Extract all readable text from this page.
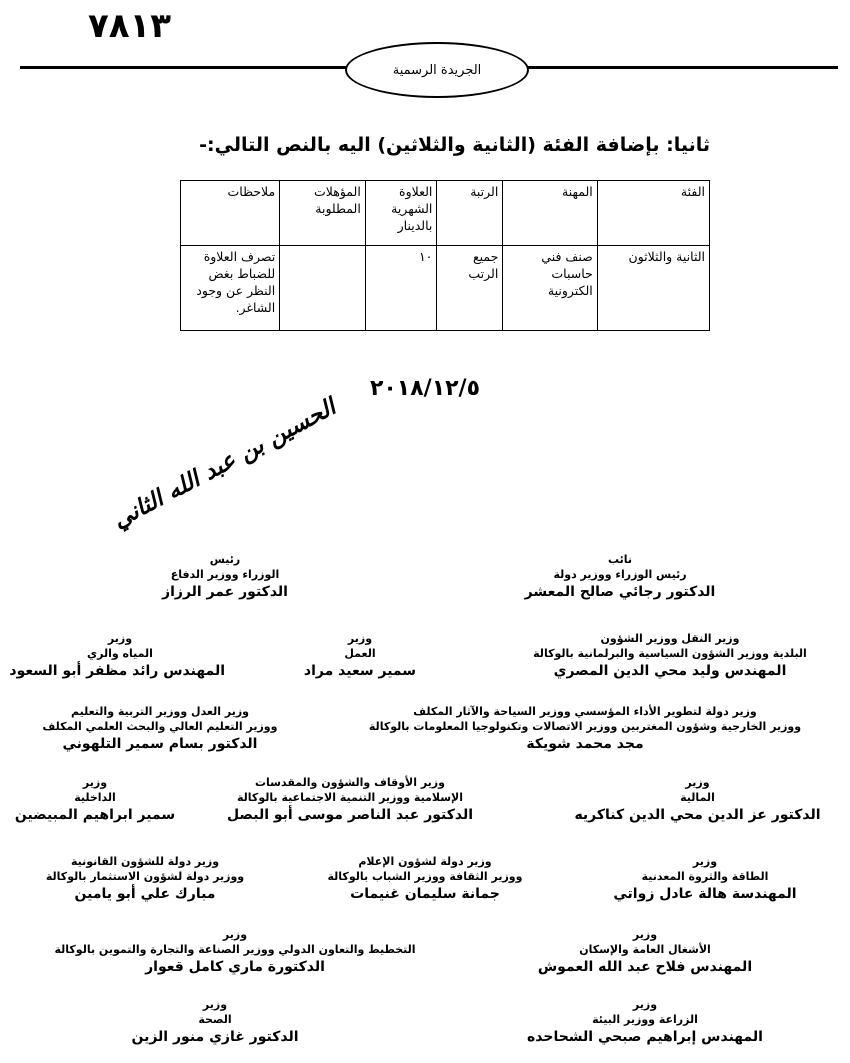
٧٨١٣
الجريدة الرسمية
ثانيا: بإضافة الفئة (الثانية والثلاثين) اليه بالنص التالي:-
الفئة	المهنة	الرتبة	العلاوة الشهرية بالدينار	المؤهلات المطلوبة	ملاحظات
الثانية والثلاثون	صنف فني حاسبات الكترونية	جميع الرتب	١٠		تصرف العلاوة للضباط بغض النظر عن وجود الشاغر.
٢٠١٨/١٢/٥
الحسين بن عبد الله الثاني
رئيس
الوزراء ووزير الدفاع
الدكتور عمر الرزاز
نائب
رئيس الوزراء ووزير دولة
الدكتور رجائي صالح المعشر
وزير
المياه والري
المهندس رائد مظفر أبو السعود
وزير
العمل
سمير سعيد مراد
وزير النقل ووزير الشؤون
البلدية ووزير الشؤون السياسية والبرلمانية بالوكالة
المهندس وليد محي الدين المصري
وزير العدل ووزير التربية والتعليم
ووزير التعليم العالي والبحث العلمي المكلف
الدكتور بسام سمير التلهوني
وزير دولة لتطوير الأداء المؤسسي ووزير السياحة والآثار المكلف
ووزير الخارجية وشؤون المغتربين ووزير الاتصالات وتكنولوجيا المعلومات بالوكالة
مجد محمد شويكة
وزير
الداخلية
سمير ابراهيم المبيضين
وزير الأوقاف والشؤون والمقدسات
الإسلامية ووزير التنمية الاجتماعية بالوكالة
الدكتور عبد الناصر موسى أبو البصل
وزير
المالية
الدكتور عز الدين محي الدين كناكريه
وزير دولة للشؤون القانونية
ووزير دولة لشؤون الاستثمار بالوكالة
مبارك علي أبو يامين
وزير دولة لشؤون الإعلام
ووزير الثقافة ووزير الشباب بالوكالة
جمانة سليمان غنيمات
وزير
الطاقة والثروة المعدنية
المهندسة هالة عادل زواتي
وزير
التخطيط والتعاون الدولي ووزير الصناعة والتجارة والتموين بالوكالة
الدكتورة ماري كامل قعوار
وزير
الأشغال العامة والإسكان
المهندس فلاح عبد الله العموش
وزير
الصحة
الدكتور غازي منور الزين
وزير
الزراعة ووزير البيئة
المهندس إبراهيم صبحي الشحاحده
